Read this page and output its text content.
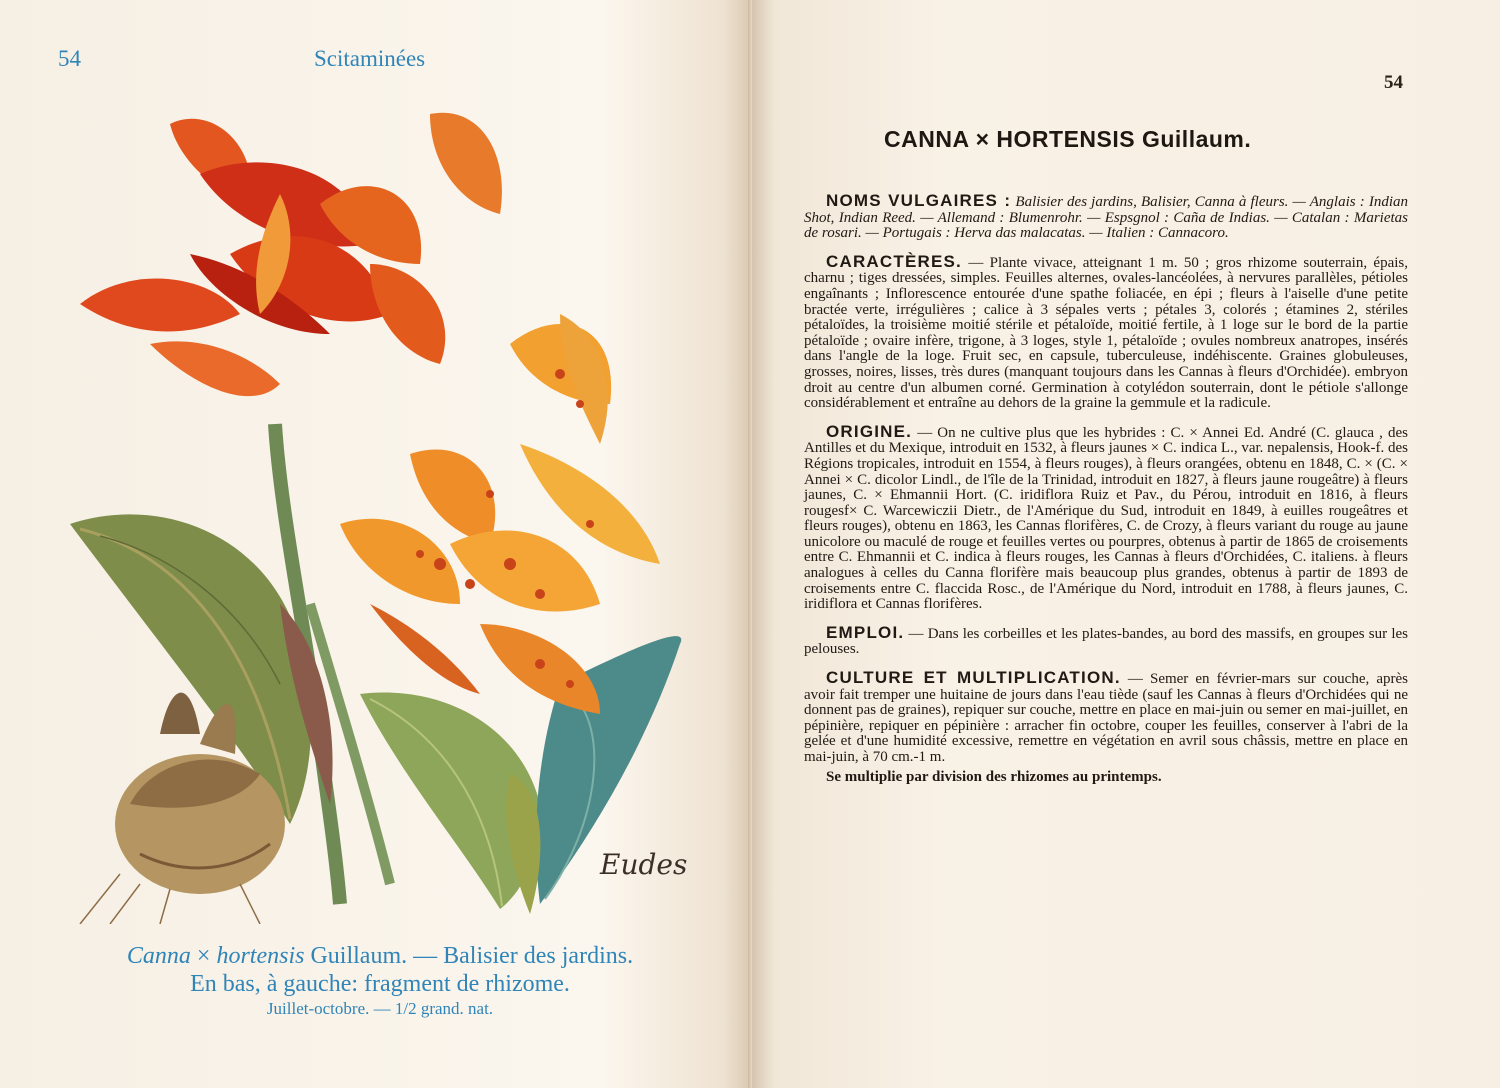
54	Scitaminées
Eudes
Canna × hortensis Guillaum. — Balisier des jardins.
En bas, à gauche: fragment de rhizome.
Juillet-octobre. — 1/2 grand. nat.
54
CANNA × HORTENSIS Guillaum.

NOMS VULGAIRES : Balisier des jardins, Balisier, Canna à fleurs. — Anglais : Indian Shot, Indian Reed. — Allemand : Blumenrohr. — Espsgnol : Caña de Indias. — Catalan : Marietas de rosari. — Portugais : Herva das malacatas. — Italien : Cannacoro.

CARACTÈRES. — Plante vivace, atteignant 1 m. 50 ; gros rhizome souterrain, épais, charnu ; tiges dressées, simples. Feuilles alternes, ovales-lancéolées, à nervures parallèles, pétioles engaînants ; Inflorescence entourée d'une spathe foliacée, en épi ; fleurs à l'aiselle d'une petite bractée verte, irrégulières ; calice à 3 sépales verts ; pétales 3, colorés ; étamines 2, stériles pétaloïdes, la troisième moitié stérile et pétaloïde, moitié fertile, à 1 loge sur le bord de la partie pétaloïde ; ovaire infère, trigone, à 3 loges, style 1, pétaloïde ; ovules nombreux anatropes, insérés dans l'angle de la loge. Fruit sec, en capsule, tuberculeuse, indéhiscente. Graines globuleuses, grosses, noires, lisses, très dures (manquant toujours dans les Cannas à fleurs d'Orchidée). embryon droit au centre d'un albumen corné. Germination à cotylédon souterrain, dont le pétiole s'allonge considérablement et entraîne au dehors de la graine la gemmule et la radicule.

ORIGINE. — On ne cultive plus que les hybrides : C. × Annei Ed. André (C. glauca , des Antilles et du Mexique, introduit en 1532, à fleurs jaunes × C. indica L., var. nepalensis, Hook-f. des Régions tropicales, introduit en 1554, à fleurs rouges), à fleurs orangées, obtenu en 1848, C. × (C. × Annei × C. dicolor Lindl., de l'île de la Trinidad, introduit en 1827, à fleurs jaune rougeâtre) à fleurs jaunes, C. × Ehmannii Hort. (C. iridiflora Ruiz et Pav., du Pérou, introduit en 1816, à fleurs rougesf× C. Warcewiczii Dietr., de l'Amérique du Sud, introduit en 1849, à euilles rougeâtres et fleurs rouges), obtenu en 1863, les Cannas florifères, C. de Crozy, à fleurs variant du rouge au jaune unicolore ou maculé de rouge et feuilles vertes ou pourpres, obtenus à partir de 1865 de croisements entre C. Ehmannii et C. indica à fleurs rouges, les Cannas à fleurs d'Orchidées, C. italiens. à fleurs analogues à celles du Canna florifère mais beaucoup plus grandes, obtenus à partir de 1893 de croisements entre C. flaccida Rosc., de l'Amérique du Nord, introduit en 1788, à fleurs jaunes, C. iridiflora et Cannas florifères.

EMPLOI. — Dans les corbeilles et les plates-bandes, au bord des massifs, en groupes sur les pelouses.

CULTURE ET MULTIPLICATION. — Semer en février-mars sur couche, après avoir fait tremper une huitaine de jours dans l'eau tiède (sauf les Cannas à fleurs d'Orchidées qui ne donnent pas de graines), repiquer sur couche, mettre en place en mai-juin ou semer en mai-juillet, en pépinière, repiquer en pépinière : arracher fin octobre, couper les feuilles, conserver à l'abri de la gelée et d'une humidité excessive, remettre en végétation en avril sous châssis, mettre en place en mai-juin, à 70 cm.-1 m.

Se multiplie par division des rhizomes au printemps.
